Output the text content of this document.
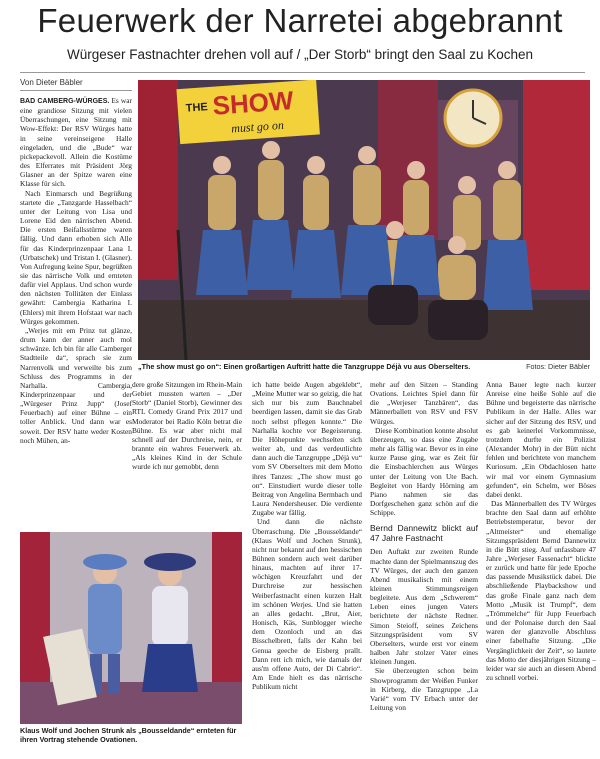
Feuerwerk der Narretei abgebrannt
Würgeser Fastnachter drehen voll auf / „Der Storb“ bringt den Saal zu Kochen
Von Dieter Bäbler

BAD CAMBERG-WÜRGES. Es war eine grandiose Sitzung mit vielen Überraschungen, eine Sitzung mit Wow-Effekt: Der RSV Würges hatte in seine vereinseigene Halle eingeladen, und die „Bude“ war pickepackevoll. Allein die Kostüme des Elferrates mit Präsident Jörg Glasner an der Spitze waren eine Klasse für sich.

Nach Einmarsch und Begrüßung startete die „Tanzgarde Hasselbach“ unter der Leitung von Lisa und Lorene Eid den närrischen Abend. Die ersten Beifallsstürme waren fällig. Und dann erhoben sich Alle für das Kinderprinzenpaar Lana I. (Urbatschek) und Tristan I. (Glasner). Von Aufregung keine Spur, begrüßten sie das närrische Volk und ernteten dafür viel Applaus. Und schon wurde den nächsten Tollitäten der Einlass gewährt: Cambergia Katharina I. (Ehlers) mit ihrem Hofstaat war nach Würges gekommen.

„Werjes mit em Prinz tut glänze, drum kann der anner auch mol schwänze. Ich bin für alle Camberger Stadtteile da“, sprach sie zum Narrenvolk und verweilte bis zum Schluss des Programms in der Narhalla. Cambergia, Kinderprinzenpaar und der „Würgeser Prinz Jupp“ (Josef Feuerbach) auf einer Bühne – ein toller Anblick. Und dann war es soweit. Der RSV hatte weder Kosten noch Mühen, an-

THE SHOW
must go on
„The show must go on“: Einen großartigen Auftritt hatte die Tanzgruppe Déjà vu aus Oberselters.	Fotos: Dieter Bäbler

dere große Sitzungen im Rhein-Main Gebiet mussten warten – „Der Storb“ (Daniel Storb), Gewinner des RTL Comedy Grand Prix 2017 und Moderator bei Radio Köln betrat die Bühne. Es war aber nicht mal schnell auf der Durchreise, nein, er brannte ein wahres Feuerwerk ab. „Als kleines Kind in der Schule wurde ich nur gemobbt, denn

Klaus Wolf und Jochen Strunk als „Bousseldande“ ernteten für ihren Vortrag stehende Ovationen.

ich hatte beide Augen abgeklebt“, „Meine Mutter war so geizig, die hat sich nur bis zum Bauchnabel beerdigen lassen, damit sie das Grab noch selbst pflegen konnte.“ Die Narhalla kochte vor Begeisterung. Die Höhepunkte wechselten sich weiter ab, und das verdeutlichte dann auch die Tanzgruppe „Déjà vu“ vom SV Oberselters mit dem Motto ihres Tanzes: „The show must go on“. Einstudiert wurde dieser tolle Beitrag von Angelina Bermbach und Laura Nendersheuser. Die verdiente Zugabe war fällig.

Und dann die nächste Überraschung. Die „Bousseldande“ (Klaus Wolf und Jochen Strunk), nicht nur bekannt auf den hessischen Bühnen sondern auch weit darüber hinaus, machten auf ihrer 17-wöchigen Kreuzfahrt und der Durchreise zur hessischen Weiberfastnacht einen kurzen Halt im schönen Werjes. Und sie hatten an alles gedacht. „Brut, Aier, Honisch, Käs, Sunblogger wieche dem Ozonloch und an das Bisschelbrett, falls der Kahn bei Genua geeche de Eisberg prallt. Dann rett ich mich, wie damals der aus'm offene Auto, der Di Cabrio“. Am Ende hielt es das närrische Publikum nicht

mehr auf den Sitzen – Standing Ovations. Leichtes Spiel dann für die „Werjeser Tanzbären“, das Männerballett von RSV und FSV Würges.

Diese Kombination konnte absolut überzeugen, so dass eine Zugabe mehr als fällig war. Bevor es in eine kurze Pause ging, war es Zeit für die Einsbachlerchen aus Würges unter der Leitung von Ute Bach. Begleitet von Hardy Hörning am Piano nahmen sie das Dorfgeschehen ganz schön auf die Schippe.

Bernd Dannewitz blickt auf 47 Jahre Fastnacht

Den Auftakt zur zweiten Runde machte dann der Spielmannszug des TV Würges, der auch den ganzen Abend musikalisch mit einem kleinen Stimmungsreigen begleitete. Aus dem „Schwerem“ Leben eines jungen Vaters berichtete der nächste Redner. Simon Steioff, seines Zeichens Sitzungspräsident vom SV Oberselters, wurde erst vor einem halben Jahr stolzer Vater eines kleinen Jungen.

Sie überzeugten schon beim Showprogramm der Weißen Funker in Kirberg, die Tanzgruppe „La Varié“ vom TV Erbach unter der Leitung von

Anna Bauer legte nach kurzer Anreise eine heiße Sohle auf die Bühne und begeisterte das närrische Publikum in der Halle. Alles war sicher auf der Sitzung des RSV, und es gab keinerlei Vorkommnisse, trotzdem durfte ein Polizist (Alexander Mohr) in der Bütt nicht fehlen und berichtete von manchem Kuriosum. „Ein Obdachlosen hatte wir mal vor einem Gymnasium gefunden“, ein Schelm, wer Böses dabei denkt.

Das Männerballett des TV Würges brachte den Saal dann auf erhöhte Betriebstemperatur, bevor der „Altmeister“ und ehemalige Sitzungspräsident Bernd Dannewitz in die Bütt stieg. Auf unfassbare 47 Jahre „Werjeser Fassenacht“ blickte er zurück und hatte für jede Epoche das passende Musikstück dabei. Die abschließende Playbackshow und das große Finale ganz nach dem Motto „Musik ist Trumpf“, dem „Trömmelche“ für Jupp Feuerbach und der Polonaise durch den Saal waren der glanzvolle Abschluss einer fabelhafte Sitzung. „Die Vergänglichkeit der Zeit“, so lautete das Motto der diesjährigen Sitzung – leider war sie auch an diesem Abend zu schnell vorbei.
